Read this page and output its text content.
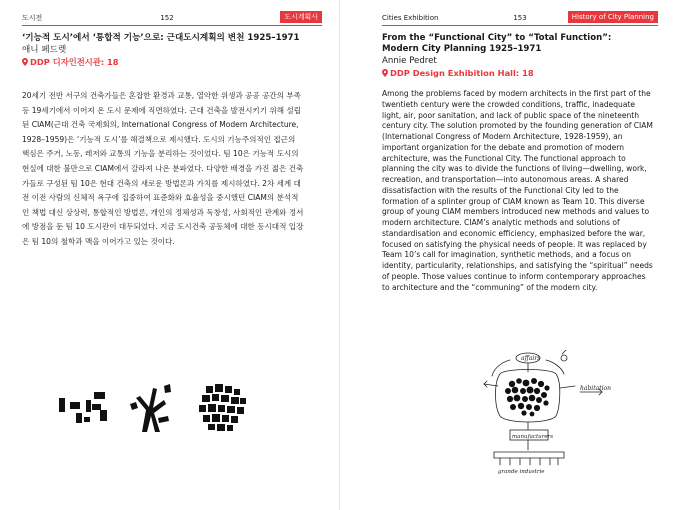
도시전	152	도시계획사

‘기능적 도시’에서 ‘통합적 기능’으로: 근대도시계획의 변천 1925–1971

애니 페드렛

DDP 디자인전시관: 18

20세기 전반 서구의 건축가들은 혼잡한 환경과 교통, 열악한 위생과 공공 공간의 부족 등 19세기에서 이어져 온 도시 문제에 직면하였다. 근대 건축을 발전시키기 위해 설립된 CIAM(근대 건축 국제회의, International Congress of Modern Architecture, 1928–1959)은 ‘기능적 도시’를 해결책으로 제시했다. 도시의 기능주의적인 접근의 핵심은 주거, 노동, 레저와 교통의 기능을 분리하는 것이었다. 팀 10은 기능적 도시의 현실에 대한 불만으로 CIAM에서 갈라져 나온 분파였다. 다양한 배경을 가진 젊은 건축가들로 구성된 팀 10은 현대 건축의 새로운 방법론과 가치를 제시하였다. 2차 세계 대전 이전 사람의 신체적 욕구에 집중하여 표준화와 효율성을 중시했던 CIAM의 분석적인 책법 대신 상상력, 통합적인 방법론, 개인의 정체성과 독창성, 사회적인 관계와 정서에 방점을 둔 팀 10 도시관이 대두되었다. 지금 도시건축 공동체에 대한 동시대적 입장은 팀 10의 철학과 맥을 이어가고 있는 것이다.

Cities Exhibition	153	History of City Planning

From the “Functional City” to “Total Function”:

Modern City Planning 1925–1971

Annie Pedret

DDP Design Exhibition Hall: 18

Among the problems faced by modern architects in the first part of the twentieth century were the crowded conditions, traffic, inadequate light, air, poor sanitation, and lack of public space of the nineteenth century city. The solution promoted by the founding generation of CIAM (International Congress of Modern Architecture, 1928-1959), an important organization for the debate and promotion of modern architecture, was the Functional City. The functional approach to planning the city was to divide the functions of living—dwelling, work, recreation, and transportation—into autonomous areas. A shared dissatisfaction with the results of the Functional City led to the formation of a splinter group of CIAM known as Team 10. This diverse group of young CIAM members introduced new methods and values to modern architecture. CIAM’s analytic methods and solutions of standardisation and economic efficiency, emphasized before the war, focused on satisfying the physical needs of people. It was replaced by Team 10’s call for imagination, synthetic methods, and a focus on identity, particularity, relationships, and satisfying the “spiritual” needs of people. Those values continue to inform contemporary approaches to architecture and the “communing” of the modern city.

affairs
habitation
manufacturers
grande industrie
